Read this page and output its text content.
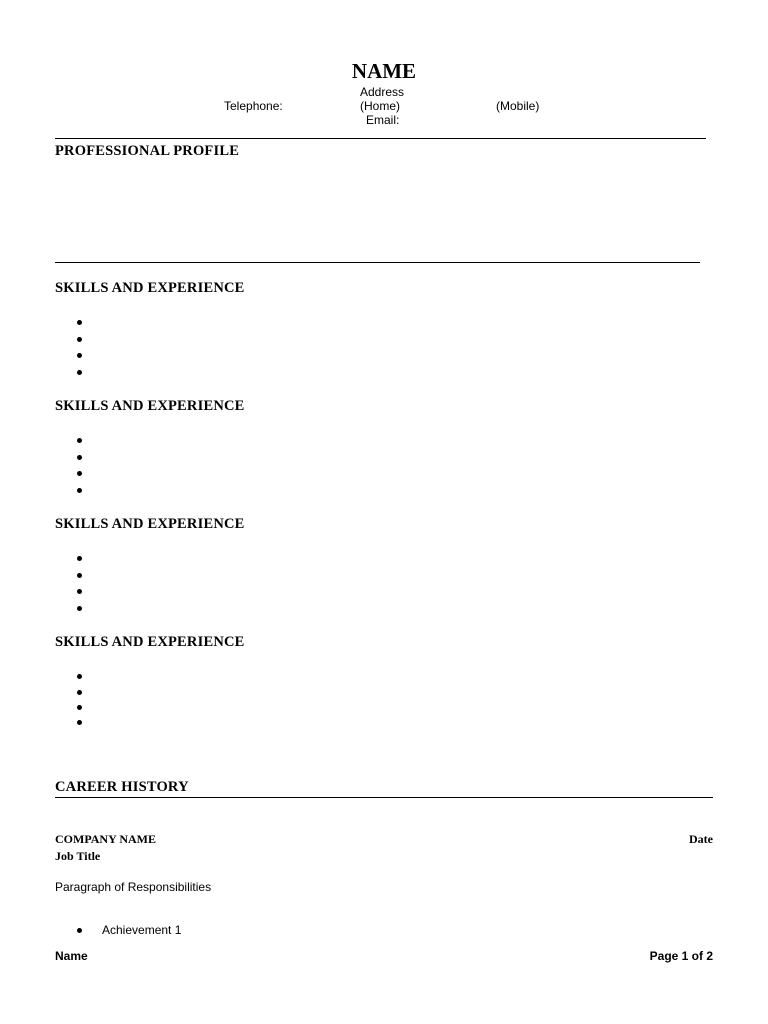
NAME
Address
Telephone:	(Home)	(Mobile)
Email:
PROFESSIONAL PROFILE
SKILLS AND EXPERIENCE
SKILLS AND EXPERIENCE
SKILLS AND EXPERIENCE
SKILLS AND EXPERIENCE
CAREER HISTORY
COMPANY NAME	Date
Job Title
Paragraph of Responsibilities
Achievement 1
Name	Page 1 of 2
